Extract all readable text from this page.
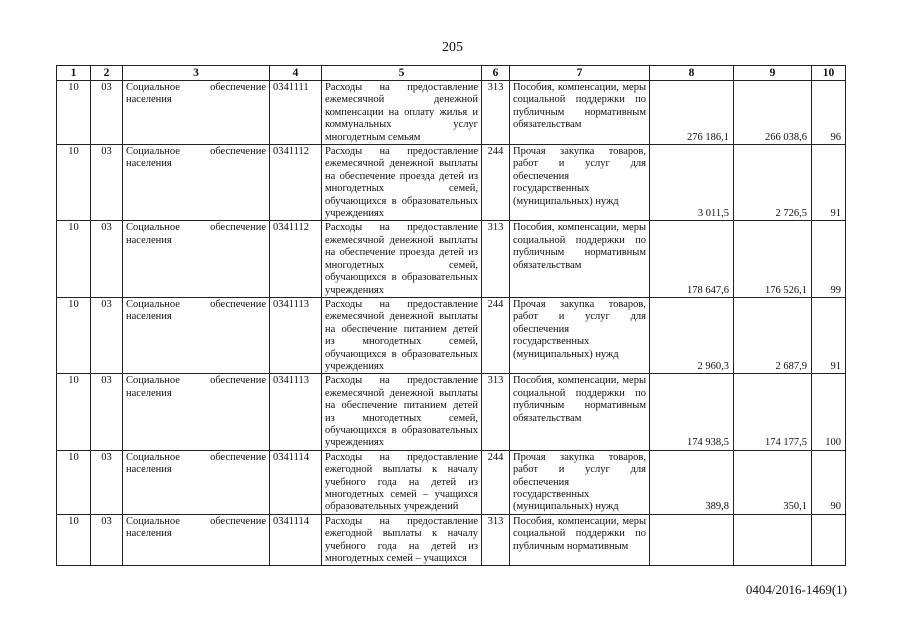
205
1	2	3	4	5	6	7	8	9	10
10	03	Социальное обеспечение населения	0341111	Расходы на предоставление ежемесячной денежной компенсации на оплату жилья и коммунальных услуг многодетным семьям	313	Пособия, компенсации, меры социальной поддержки по публичным нормативным обязательствам	276 186,1	266 038,6	96
10	03	Социальное обеспечение населения	0341112	Расходы на предоставление ежемесячной денежной выплаты на обеспечение проезда детей из многодетных семей, обучающихся в образовательных учреждениях	244	Прочая закупка товаров, работ и услуг для обеспечения государственных (муниципальных) нужд	3 011,5	2 726,5	91
10	03	Социальное обеспечение населения	0341112	Расходы на предоставление ежемесячной денежной выплаты на обеспечение проезда детей из многодетных семей, обучающихся в образовательных учреждениях	313	Пособия, компенсации, меры социальной поддержки по публичным нормативным обязательствам	178 647,6	176 526,1	99
10	03	Социальное обеспечение населения	0341113	Расходы на предоставление ежемесячной денежной выплаты на обеспечение питанием детей из многодетных семей, обучающихся в образовательных учреждениях	244	Прочая закупка товаров, работ и услуг для обеспечения государственных (муниципальных) нужд	2 960,3	2 687,9	91
10	03	Социальное обеспечение населения	0341113	Расходы на предоставление ежемесячной денежной выплаты на обеспечение питанием детей из многодетных семей, обучающихся в образовательных учреждениях	313	Пособия, компенсации, меры социальной поддержки по публичным нормативным обязательствам	174 938,5	174 177,5	100
10	03	Социальное обеспечение населения	0341114	Расходы на предоставление ежегодной выплаты к началу учебного года на детей из многодетных семей – учащихся образовательных учреждений	244	Прочая закупка товаров, работ и услуг для обеспечения государственных (муниципальных) нужд	389,8	350,1	90
10	03	Социальное обеспечение населения	0341114	Расходы на предоставление ежегодной выплаты к началу учебного года на детей из многодетных семей – учащихся	313	Пособия, компенсации, меры социальной поддержки по публичным нормативным			
0404/2016-1469(1)
